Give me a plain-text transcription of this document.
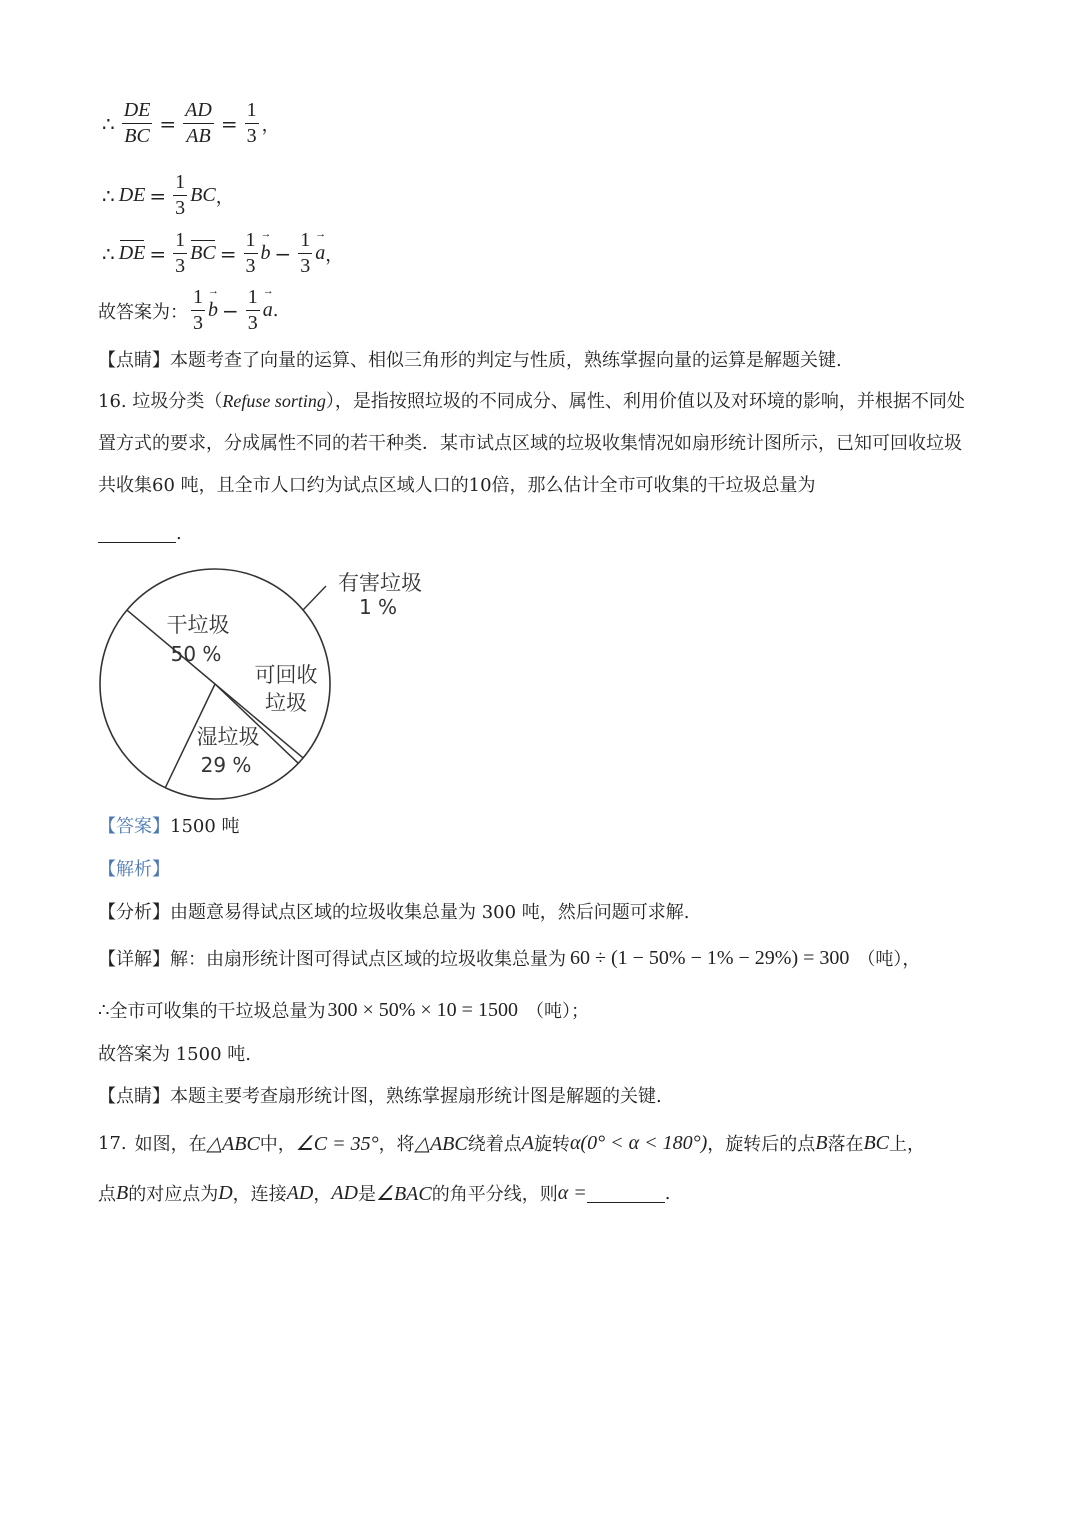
∴ $\frac{DE}{BC} = \frac{AD}{AB} = \frac{1}{3}$ ，
∴ DE = $\frac{1}{3}$ BC ，
∴ DE = $\frac{1}{3}$ BC = $\frac{1}{3}$
→ $b - \frac{1}{3}$
→ a ，
故答案为： $\frac{1}{3}$
→ $b - \frac{1}{3}$
→ a .
【点睛】本题考查了向量的运算、相似三角形的判定与性质，熟练掌握向量的运算是解题关键.
16. 垃圾分类（Refuse sorting），是指按照垃圾的不同成分、属性、利用价值以及对环境的影响，并根据不同处置方式的要求，分成属性不同的若干种类．某市试点区域的垃圾收集情况如扇形统计图所示，已知可回收垃圾共收集60 吨，且全市人口约为试点区域人口的10倍，那么估计全市可收集的干垃圾总量为
.
干垃圾
50 %
有害垃圾
1 %
可回收
垃圾
湿垃圾
29 %
【答案】 1500 吨
【解析】
【分析】 由题意易得试点区域的垃圾收集总量为 300 吨，然后问题可求解.
【详解】 解：由扇形统计图可得试点区域的垃圾收集总量为 60 ÷ (1 − 50% − 1% − 29%) = 300 （吨），
∴ 全市可收集的干垃圾总量为 300 × 50% × 10 = 1500 （吨）；
故答案为 1500 吨.
【点睛】 本题主要考查扇形统计图，熟练掌握扇形统计图是解题的关键.
17. 如图，在 △ABC 中， ∠C = 35° ，将 △ABC 绕着点 A 旋转 α(0° < α < 180°) ，旋转后的点 B 落在 BC 上，
点 B 的对应点为 D ，连接 AD ， AD 是 ∠BAC 的角平分线，则 α =	.
